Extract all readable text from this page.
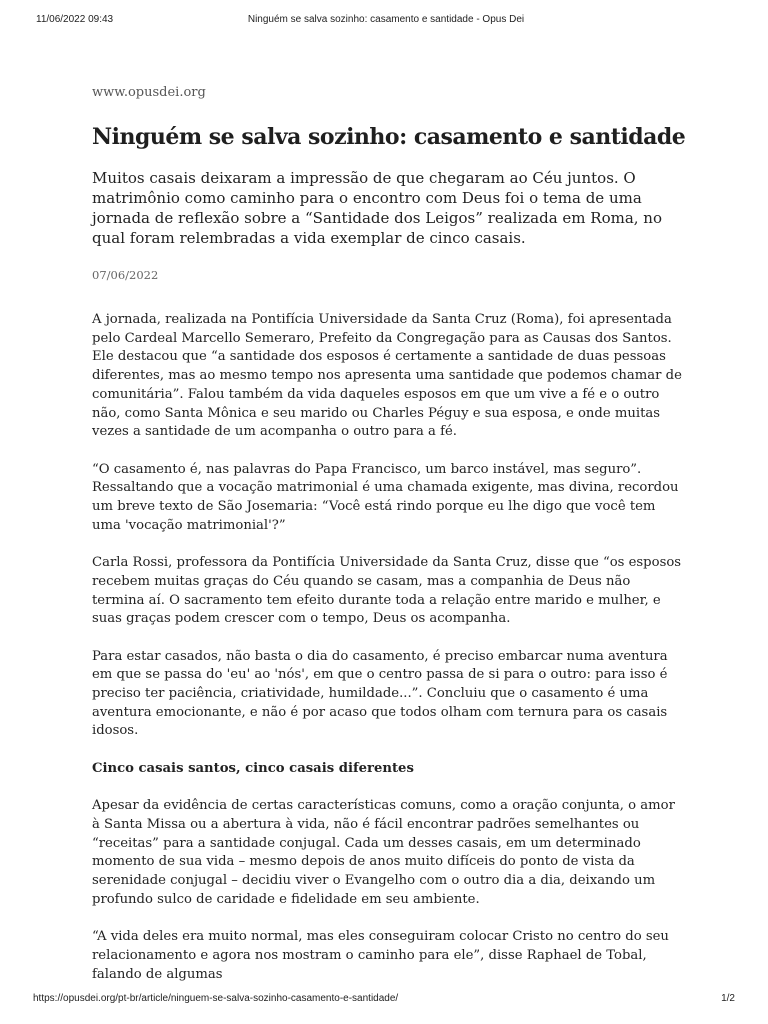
11/06/2022 09:43	Ninguém se salva sozinho: casamento e santidade - Opus Dei
www.opusdei.org
Ninguém se salva sozinho: casamento e santidade

Muitos casais deixaram a impressão de que chegaram ao Céu juntos. O matrimônio como caminho para o encontro com Deus foi o tema de uma jornada de reflexão sobre a “Santidade dos Leigos” realizada em Roma, no qual foram relembradas a vida exemplar de cinco casais.

07/06/2022

A jornada, realizada na Pontifícia Universidade da Santa Cruz (Roma), foi apresentada pelo Cardeal Marcello Semeraro, Prefeito da Congregação para as Causas dos Santos. Ele destacou que “a santidade dos esposos é certamente a santidade de duas pessoas diferentes, mas ao mesmo tempo nos apresenta uma santidade que podemos chamar de comunitária”. Falou também da vida daqueles esposos em que um vive a fé e o outro não, como Santa Mônica e seu marido ou Charles Péguy e sua esposa, e onde muitas vezes a santidade de um acompanha o outro para a fé.

“O casamento é, nas palavras do Papa Francisco, um barco instável, mas seguro”. Ressaltando que a vocação matrimonial é uma chamada exigente, mas divina, recordou um breve texto de São Josemaria: “Você está rindo porque eu lhe digo que você tem uma 'vocação matrimonial'?”

Carla Rossi, professora da Pontifícia Universidade da Santa Cruz, disse que “os esposos recebem muitas graças do Céu quando se casam, mas a companhia de Deus não termina aí. O sacramento tem efeito durante toda a relação entre marido e mulher, e suas graças podem crescer com o tempo, Deus os acompanha.

Para estar casados, não basta o dia do casamento, é preciso embarcar numa aventura em que se passa do 'eu' ao 'nós', em que o centro passa de si para o outro: para isso é preciso ter paciência, criatividade, humildade...”. Concluiu que o casamento é uma aventura emocionante, e não é por acaso que todos olham com ternura para os casais idosos.

Cinco casais santos, cinco casais diferentes

Apesar da evidência de certas características comuns, como a oração conjunta, o amor à Santa Missa ou a abertura à vida, não é fácil encontrar padrões semelhantes ou “receitas” para a santidade conjugal. Cada um desses casais, em um determinado momento de sua vida – mesmo depois de anos muito difíceis do ponto de vista da serenidade conjugal – decidiu viver o Evangelho com o outro dia a dia, deixando um profundo sulco de caridade e fidelidade em seu ambiente.

“A vida deles era muito normal, mas eles conseguiram colocar Cristo no centro do seu relacionamento e agora nos mostram o caminho para ele”, disse Raphael de Tobal, falando de algumas

https://opusdei.org/pt-br/article/ninguem-se-salva-sozinho-casamento-e-santidade/	1/2
